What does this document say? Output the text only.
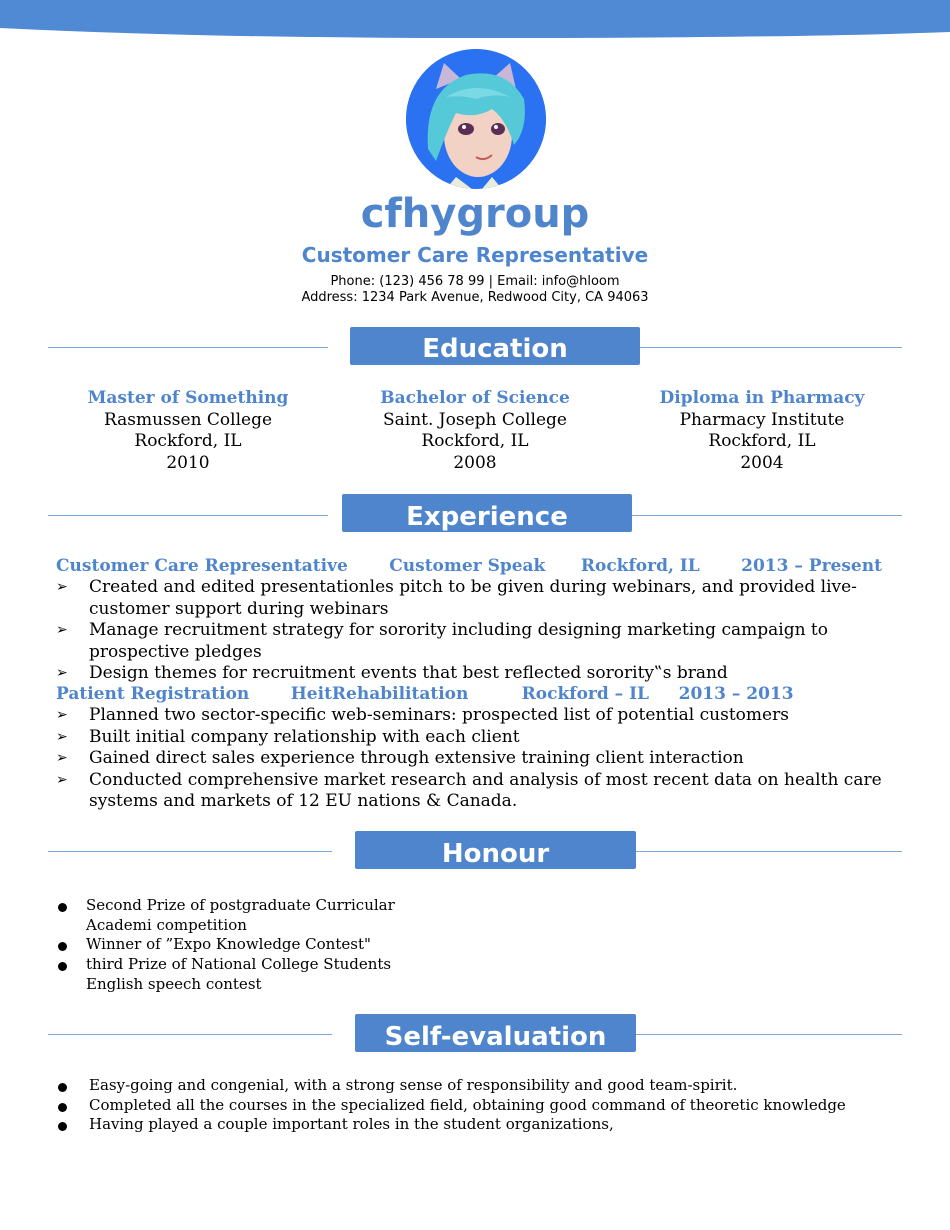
cfhygroup
Customer Care Representative
Phone: (123) 456 78 99 | Email: info@hloom
Address: 1234 Park Avenue, Redwood City, CA 94063
Education
Master of Something
Rasmussen College
Rockford, IL
2010
Bachelor of Science
Saint. Joseph College
Rockford, IL
2008
Diploma in Pharmacy
Pharmacy Institute
Rockford, IL
2004
Experience
Customer Care Representative Customer Speak Rockford, IL 2013 – Present
➢ Created and edited presentationles pitch to be given during webinars, and provided live-customer support during webinars
➢ Manage recruitment strategy for sorority including designing marketing campaign to prospective pledges
➢ Design themes for recruitment events that best reflected sorority‟s brand
Patient Registration HeitRehabilitation	Rockford – IL 2013 – 2013
➢ Planned two sector-specific web-seminars: prospected list of potential customers
➢ Built initial company relationship with each client
➢ Gained direct sales experience through extensive training client interaction
➢ Conducted comprehensive market research and analysis of most recent data on health care systems and markets of 12 EU nations & Canada.
Honour
Second Prize of postgraduate Curricular Academi competition
Winner of ”Expo Knowledge Contest"
third Prize of National College Students English speech contest
Self-evaluation
Easy-going and congenial, with a strong sense of responsibility and good team-spirit.
Completed all the courses in the specialized field, obtaining good command of theoretic knowledge
Having played a couple important roles in the student organizations,
